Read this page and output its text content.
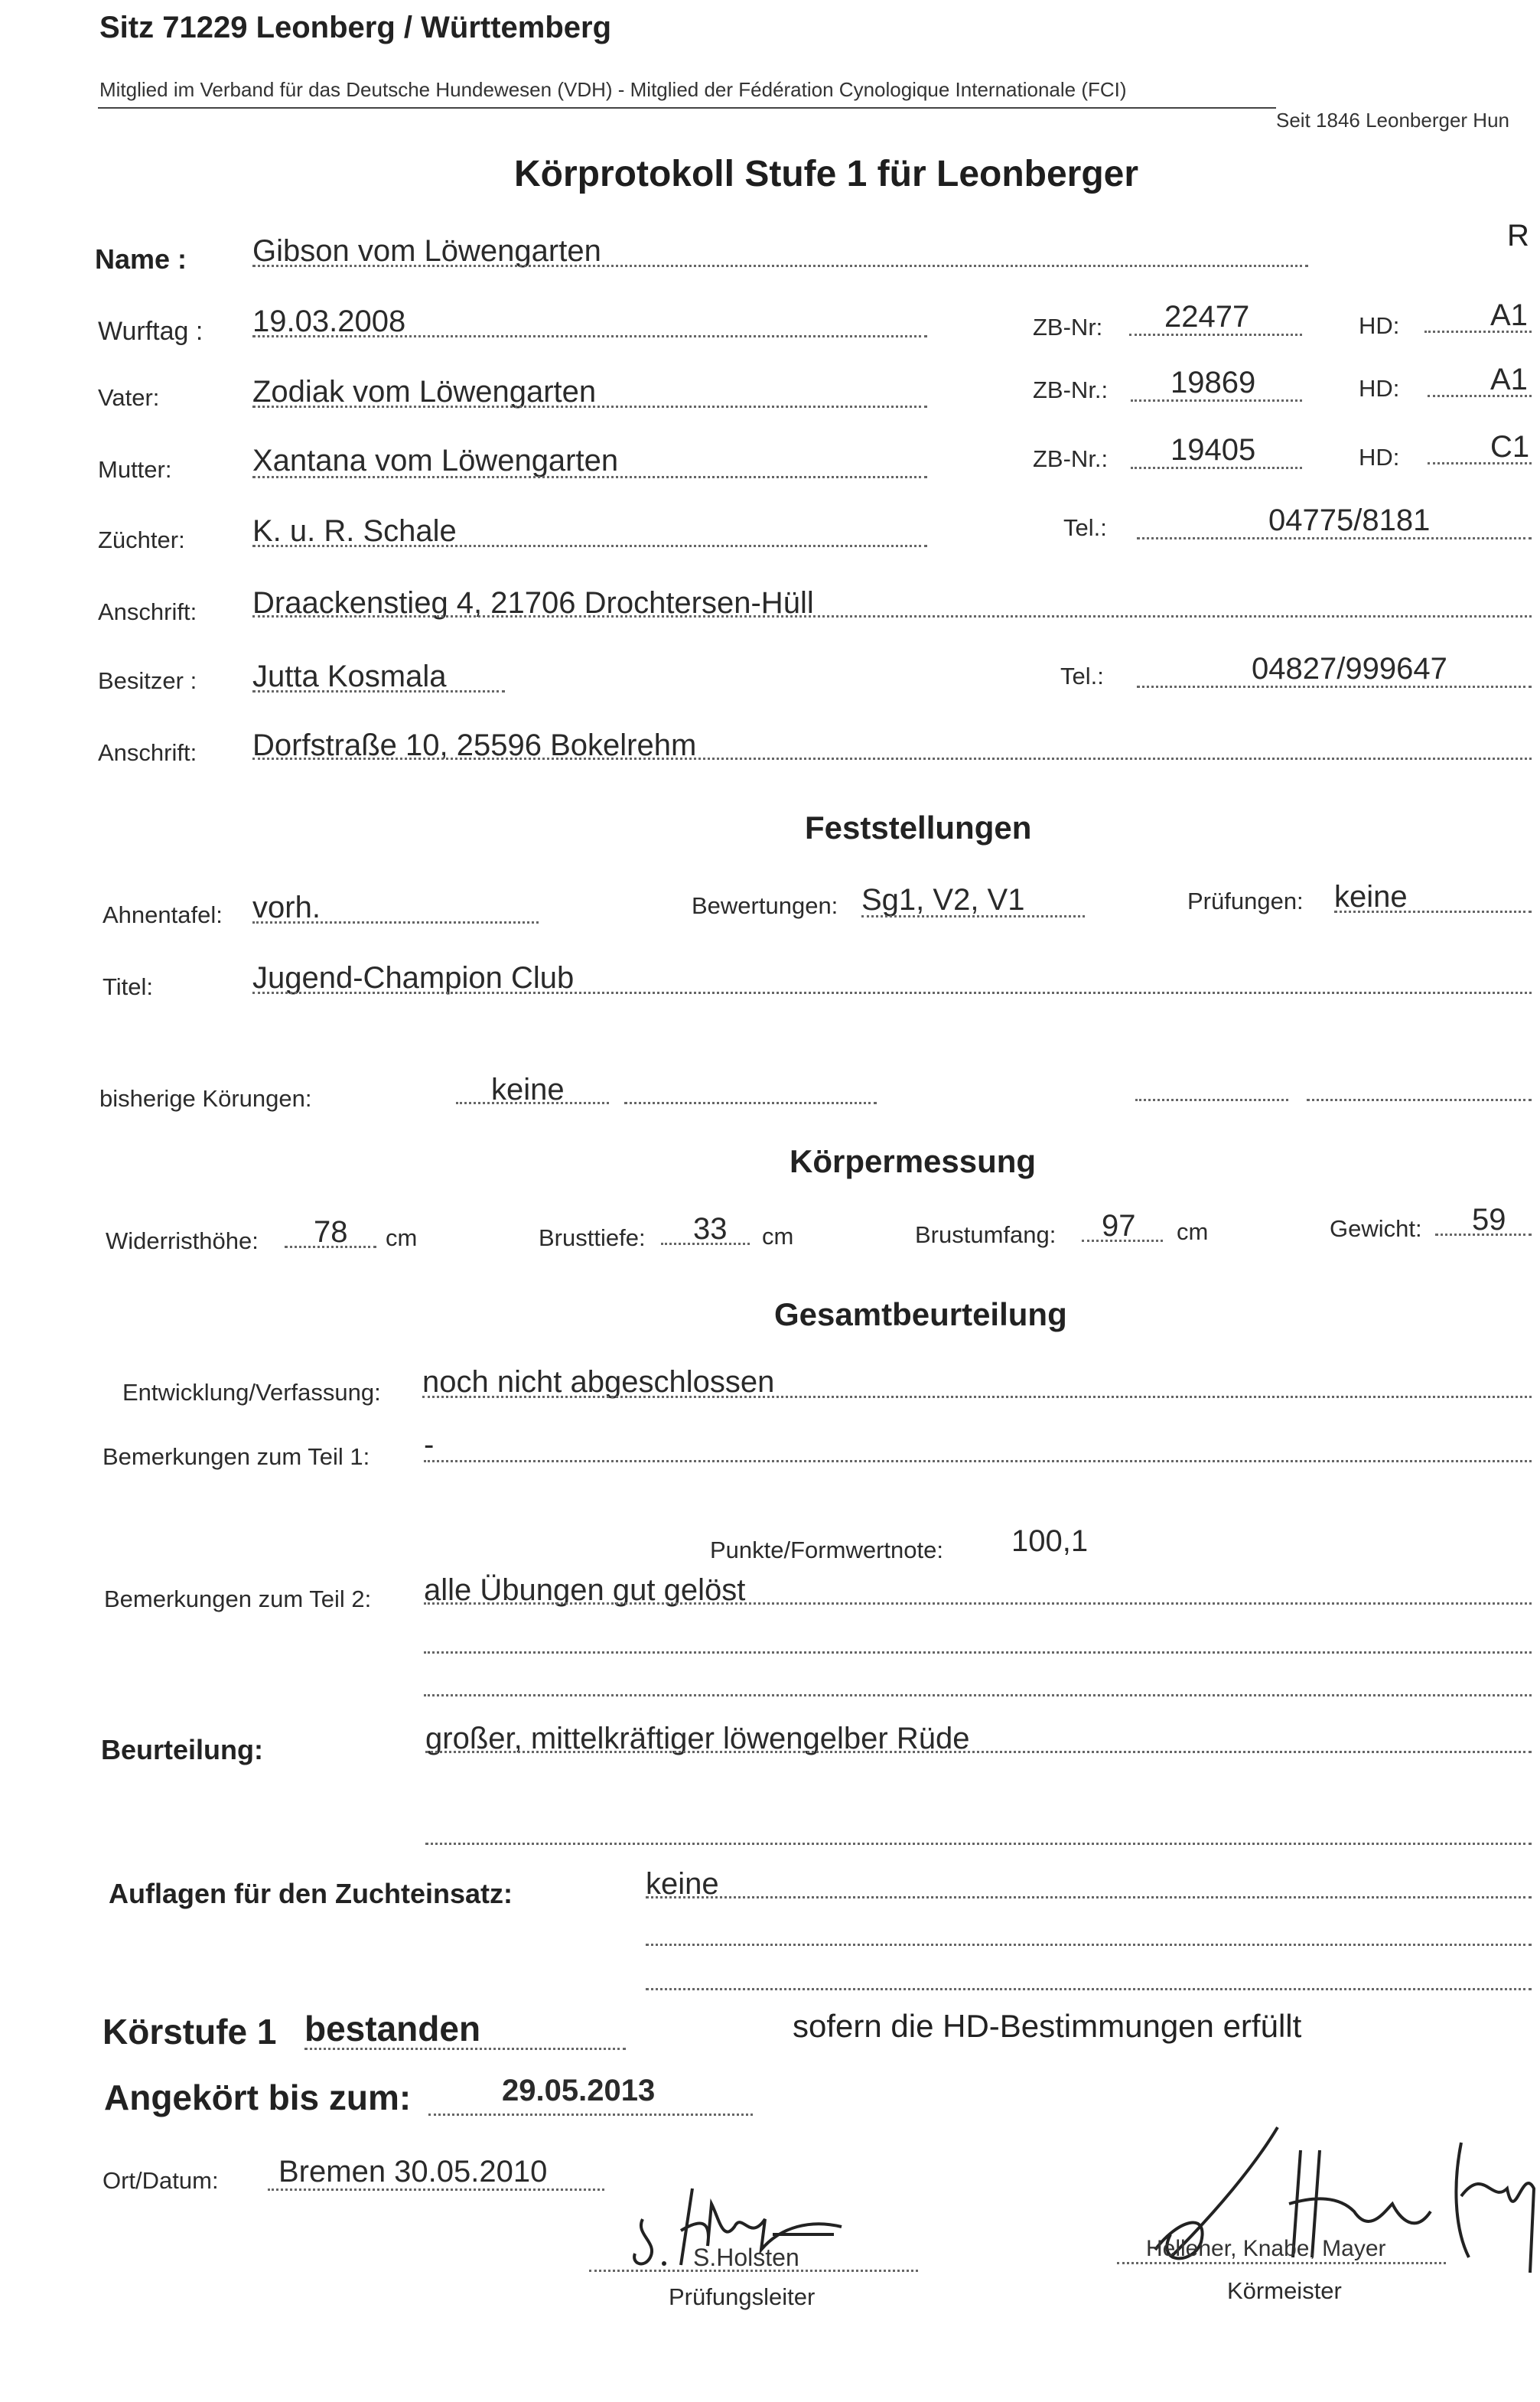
Sitz 71229 Leonberg / Württemberg
Mitglied im Verband für das Deutsche Hundewesen (VDH) - Mitglied der Fédération Cynologique Internationale (FCI)
Seit 1846 Leonberger Hun
R
Körprotokoll Stufe 1 für Leonberger
Name : Gibson vom Löwengarten
Wurftag : 19.03.2008	ZB-Nr: 22477	HD:	A1
Vater:	Zodiak vom Löwengarten	ZB-Nr.: 19869	HD:	A1
Mutter:	Xantana vom Löwengarten	ZB-Nr.: 19405	HD:	C1
Züchter: K. u. R. Schale	Tel.:	04775/8181
Anschrift: Draackenstieg 4, 21706 Drochtersen-Hüll
Besitzer : Jutta Kosmala	Tel.:	04827/999647
Anschrift: Dorfstraße 10, 25596 Bokelrehm
Feststellungen
Ahnentafel: vorh.	Bewertungen: Sg1, V2, V1	Prüfungen: keine
Titel:	Jugend-Champion Club
bisherige Körungen:	keine
Körpermessung
Widerristhöhe: 78 cm	Brusttiefe: 33 cm	Brustumfang: 97 cm	Gewicht: 59
Gesamtbeurteilung
Entwicklung/Verfassung: noch nicht abgeschlossen
Bemerkungen zum Teil 1: -
Punkte/Formwertnote: 100,1
Bemerkungen zum Teil 2: alle Übungen gut gelöst
Beurteilung:	großer, mittelkräftiger löwengelber Rüde
Auflagen für den Zuchteinsatz:	keine
Körstufe 1 bestanden	sofern die HD-Bestimmungen erfüllt
Angekört bis zum:	29.05.2013
Ort/Datum: Bremen 30.05.2010
S.Holsten
Prüfungsleiter
Hellener, Knabe, Mayer
Körmeister
